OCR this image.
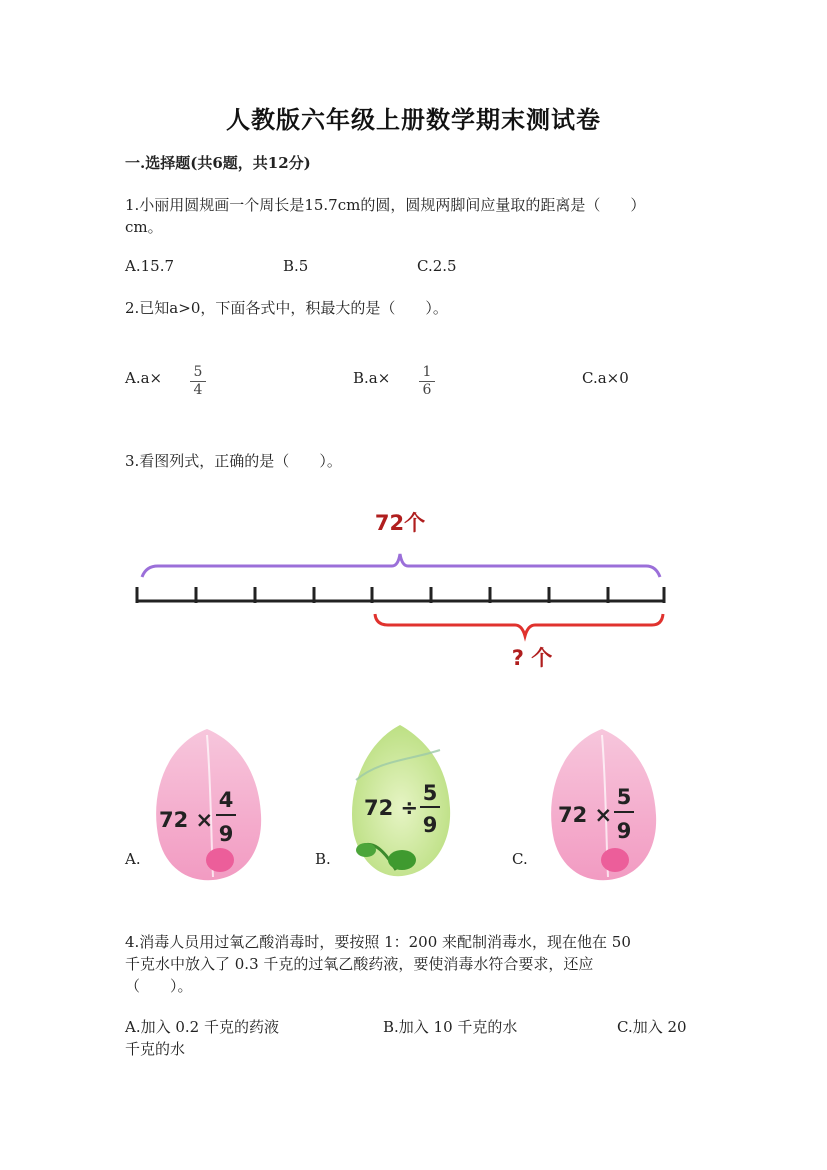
人教版六年级上册数学期末测试卷
一.选择题(共6题，共12分)
1.小丽用圆规画一个周长是15.7cm的圆，圆规两脚间应量取的距离是（　　）
cm。
A.15.7	B.5	C.2.5
2.已知a>0，下面各式中，积最大的是（　　）。
A.a× 5
4
B.a× 1
6
C.a×0
3.看图列式，正确的是（　　）。
72个
? 个
A.
72 ×
4
9
B.
72 ÷
5
9
C.
72 ×
5
9
4.消毒人员用过氧乙酸消毒时，要按照 1：200 来配制消毒水，现在他在 50
千克水中放入了 0.3 千克的过氧乙酸药液，要使消毒水符合要求，还应
（　　）。
A.加入 0.2 千克的药液	B.加入 10 千克的水	C.加入 20
千克的水
